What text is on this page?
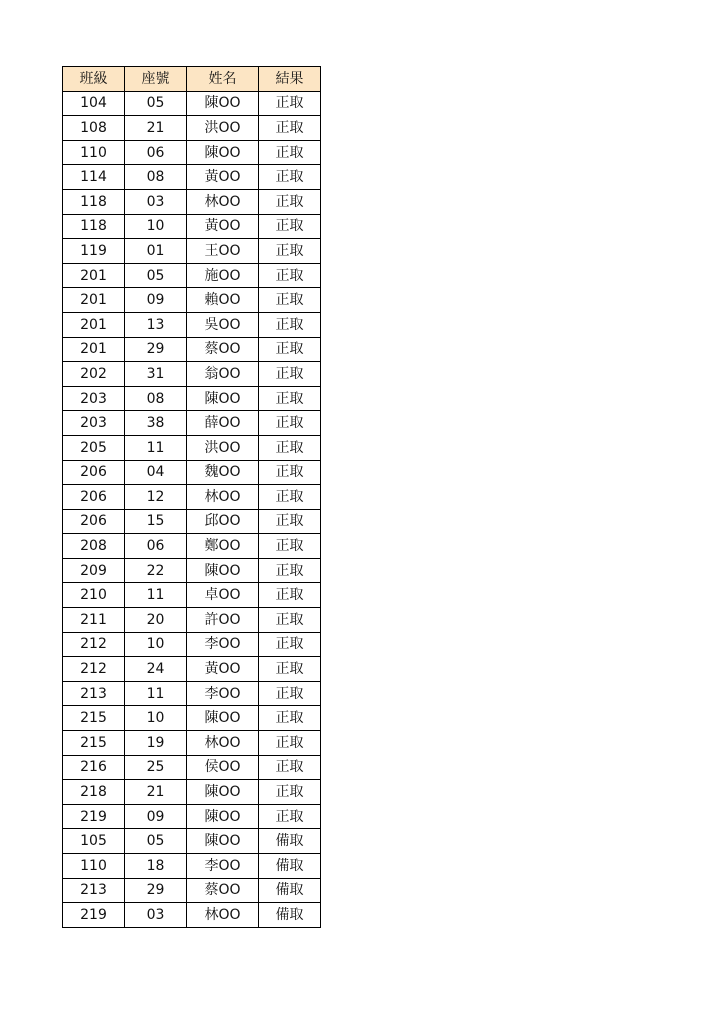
班級	座號	姓名	結果
104	05	陳OO	正取
108	21	洪OO	正取
110	06	陳OO	正取
114	08	黃OO	正取
118	03	林OO	正取
118	10	黃OO	正取
119	01	王OO	正取
201	05	施OO	正取
201	09	賴OO	正取
201	13	吳OO	正取
201	29	蔡OO	正取
202	31	翁OO	正取
203	08	陳OO	正取
203	38	薛OO	正取
205	11	洪OO	正取
206	04	魏OO	正取
206	12	林OO	正取
206	15	邱OO	正取
208	06	鄭OO	正取
209	22	陳OO	正取
210	11	卓OO	正取
211	20	許OO	正取
212	10	李OO	正取
212	24	黃OO	正取
213	11	李OO	正取
215	10	陳OO	正取
215	19	林OO	正取
216	25	侯OO	正取
218	21	陳OO	正取
219	09	陳OO	正取
105	05	陳OO	備取
110	18	李OO	備取
213	29	蔡OO	備取
219	03	林OO	備取
